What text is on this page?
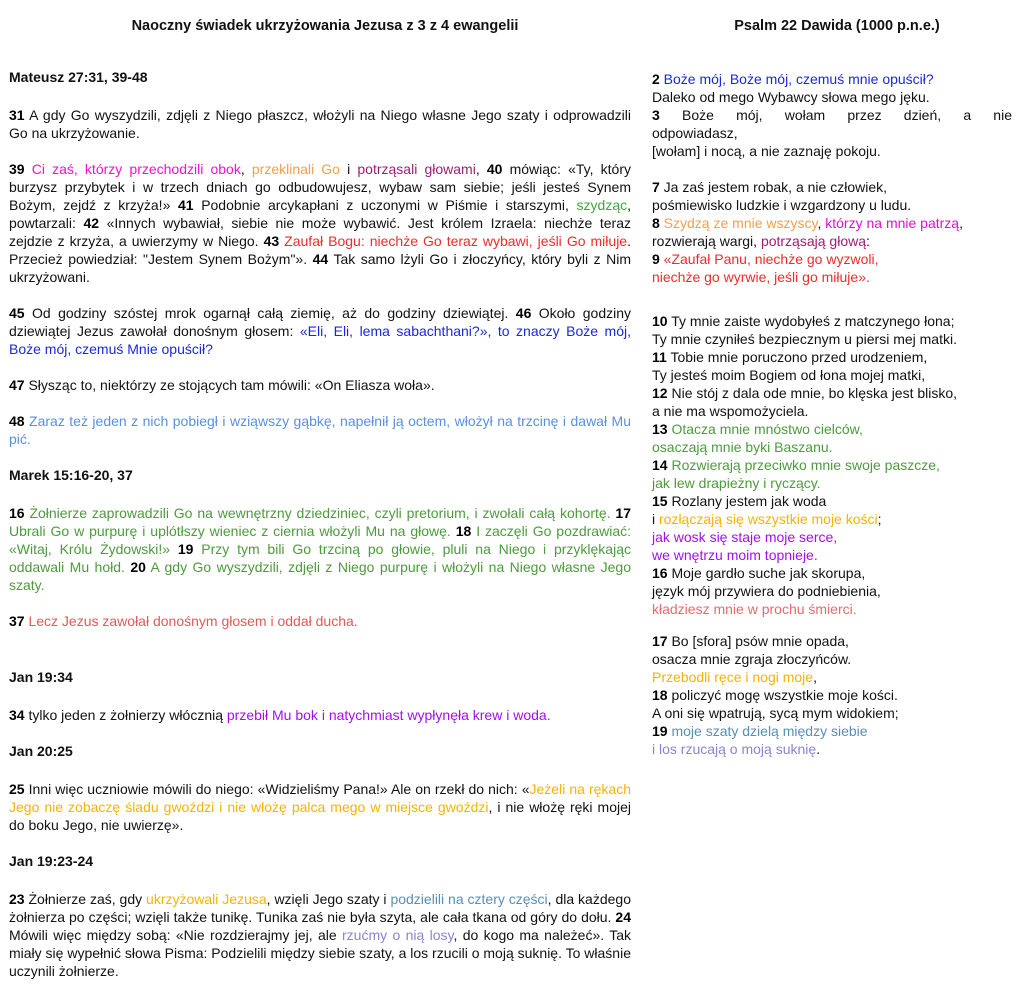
Naoczny świadek ukrzyżowania Jezusa z 3 z 4 ewangelii	Psalm 22 Dawida (1000 p.n.e.)
Mateusz 27:31, 39-48

31 A gdy Go wyszydzili, zdjęli z Niego płaszcz, włożyli na Niego własne Jego szaty i odprowadzili Go na ukrzyżowanie.

39 Ci zaś, którzy przechodzili obok, przeklinali Go i potrząsali głowami, 40 mówiąc: «Ty, który burzysz przybytek i w trzech dniach go odbudowujesz, wybaw sam siebie; jeśli jesteś Synem Bożym, zejdź z krzyża!» 41 Podobnie arcykapłani z uczonymi w Piśmie i starszymi, szydząc, powtarzali: 42 «Innych wybawiał, siebie nie może wybawić. Jest królem Izraela: niechże teraz zejdzie z krzyża, a uwierzymy w Niego. 43 Zaufał Bogu: niechże Go teraz wybawi, jeśli Go miłuje. Przecież powiedział: "Jestem Synem Bożym"». 44 Tak samo lżyli Go i złoczyńcy, który byli z Nim ukrzyżowani.

45 Od godziny szóstej mrok ogarnął całą ziemię, aż do godziny dziewiątej. 46 Około godziny dziewiątej Jezus zawołał donośnym głosem: «Eli, Eli, lema sabachthani?», to znaczy Boże mój, Boże mój, czemuś Mnie opuścił?

47 Słysząc to, niektórzy ze stojących tam mówili: «On Eliasza woła».

48 Zaraz też jeden z nich pobiegł i wziąwszy gąbkę, napełnił ją octem, włożył na trzcinę i dawał Mu pić.

Marek 15:16-20, 37

16 Żołnierze zaprowadzili Go na wewnętrzny dziedziniec, czyli pretorium, i zwołali całą kohortę. 17 Ubrali Go w purpurę i uplótłszy wieniec z ciernia włożyli Mu na głowę. 18 I zaczęli Go pozdrawiać: «Witaj, Królu Żydowski!» 19 Przy tym bili Go trzciną po głowie, pluli na Niego i przyklękając oddawali Mu hołd. 20 A gdy Go wyszydzili, zdjęli z Niego purpurę i włożyli na Niego własne Jego szaty.

37 Lecz Jezus zawołał donośnym głosem i oddał ducha.

Jan 19:34

34 tylko jeden z żołnierzy włócznią przebił Mu bok i natychmiast wypłynęła krew i woda.

Jan 20:25

25 Inni więc uczniowie mówili do niego: «Widzieliśmy Pana!» Ale on rzekł do nich: «Jeżeli na rękach Jego nie zobaczę śladu gwoździ i nie włożę palca mego w miejsce gwoździ, i nie włożę ręki mojej do boku Jego, nie uwierzę».

Jan 19:23-24

23 Żołnierze zaś, gdy ukrzyżowali Jezusa, wzięli Jego szaty i podzielili na cztery części, dla każdego żołnierza po części; wzięli także tunikę. Tunika zaś nie była szyta, ale cała tkana od góry do dołu. 24 Mówili więc między sobą: «Nie rozdzierajmy jej, ale rzućmy o nią losy, do kogo ma należeć». Tak miały się wypełnić słowa Pisma: Podzielili między siebie szaty, a los rzucili o moją suknię. To właśnie uczynili żołnierze.

2 Boże mój, Boże mój, czemuś mnie opuścił?
Daleko od mego Wybawcy słowa mego jęku.
3 Boże mój, wołam przez dzień, a nie
odpowiadasz,
[wołam] i nocą, a nie zaznaję pokoju.
7 Ja zaś jestem robak, a nie człowiek,
pośmiewisko ludzkie i wzgardzony u ludu.
8 Szydzą ze mnie wszyscy, którzy na mnie patrzą,
rozwierają wargi, potrząsają głową:
9 «Zaufał Panu, niechże go wyzwoli,
niechże go wyrwie, jeśli go miłuje».
10 Ty mnie zaiste wydobyłeś z matczynego łona;
Ty mnie czyniłeś bezpiecznym u piersi mej matki.
11 Tobie mnie poruczono przed urodzeniem,
Ty jesteś moim Bogiem od łona mojej matki,
12 Nie stój z dala ode mnie, bo klęska jest blisko,
a nie ma wspomożyciela.
13 Otacza mnie mnóstwo cielców,
osaczają mnie byki Baszanu.
14 Rozwierają przeciwko mnie swoje paszcze,
jak lew drapieżny i ryczący.
15 Rozlany jestem jak woda
i rozłączają się wszystkie moje kości;
jak wosk się staje moje serce,
we wnętrzu moim topnieje.
16 Moje gardło suche jak skorupa,
język mój przywiera do podniebienia,
kładziesz mnie w prochu śmierci.
17 Bo [sfora] psów mnie opada,
osacza mnie zgraja złoczyńców.
Przebodli ręce i nogi moje,
18 policzyć mogę wszystkie moje kości.
A oni się wpatrują, sycą mym widokiem;
19 moje szaty dzielą między siebie
i los rzucają o moją suknię.
